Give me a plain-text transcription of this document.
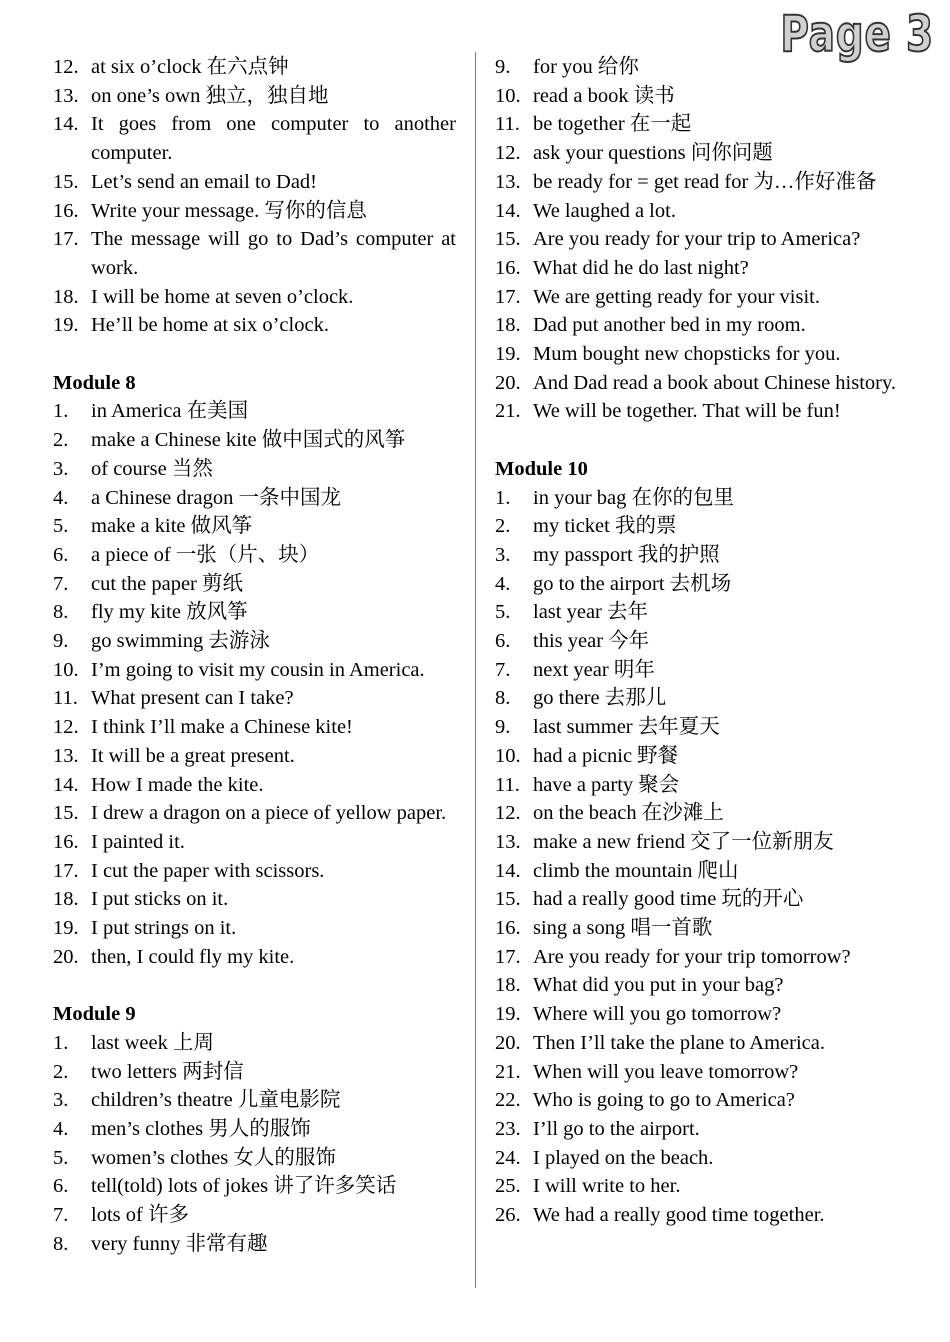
Page 3
12. at six o’clock 在六点钟
13. on one’s own 独立，独自地
14. It goes from one computer to another computer.
15. Let’s send an email to Dad!
16. Write your message. 写你的信息
17. The message will go to Dad’s computer at work.
18. I will be home at seven o’clock.
19. He’ll be home at six o’clock.
Module 8
1.	in America 在美国
2.	make a Chinese kite 做中国式的风筝
3.	of course 当然
4.	a Chinese dragon 一条中国龙
5.	make a kite 做风筝
6.	a piece of 一张（片、块）
7.	cut the paper 剪纸
8.	fly my kite 放风筝
9.	go swimming 去游泳
10. I’m going to visit my cousin in America.
11. What present can I take?
12. I think I’ll make a Chinese kite!
13. It will be a great present.
14. How I made the kite.
15. I drew a dragon on a piece of yellow paper.
16. I painted it.
17. I cut the paper with scissors.
18. I put sticks on it.
19. I put strings on it.
20. then, I could fly my kite.
Module 9
1.	last week 上周
2.	two letters 两封信
3.	children’s theatre 儿童电影院
4.	men’s clothes 男人的服饰
5.	women’s clothes 女人的服饰
6.	tell(told) lots of jokes 讲了许多笑话
7.	lots of 许多
8.	very funny 非常有趣
9.	for you 给你
10. read a book 读书
11. be together 在一起
12. ask your questions 问你问题
13. be ready for = get read for 为…作好准备
14. We laughed a lot.
15. Are you ready for your trip to America?
16. What did he do last night?
17. We are getting ready for your visit.
18. Dad put another bed in my room.
19. Mum bought new chopsticks for you.
20. And Dad read a book about Chinese history.
21. We will be together. That will be fun!
Module 10
1.	in your bag 在你的包里
2.	my ticket 我的票
3.	my passport 我的护照
4.	go to the airport 去机场
5.	last year 去年
6.	this year 今年
7.	next year 明年
8.	go there 去那儿
9.	last summer 去年夏天
10. had a picnic 野餐
11. have a party 聚会
12. on the beach 在沙滩上
13. make a new friend 交了一位新朋友
14. climb the mountain 爬山
15. had a really good time 玩的开心
16. sing a song 唱一首歌
17. Are you ready for your trip tomorrow?
18. What did you put in your bag?
19. Where will you go tomorrow?
20. Then I’ll take the plane to America.
21. When will you leave tomorrow?
22. Who is going to go to America?
23. I’ll go to the airport.
24. I played on the beach.
25. I will write to her.
26. We had a really good time together.
